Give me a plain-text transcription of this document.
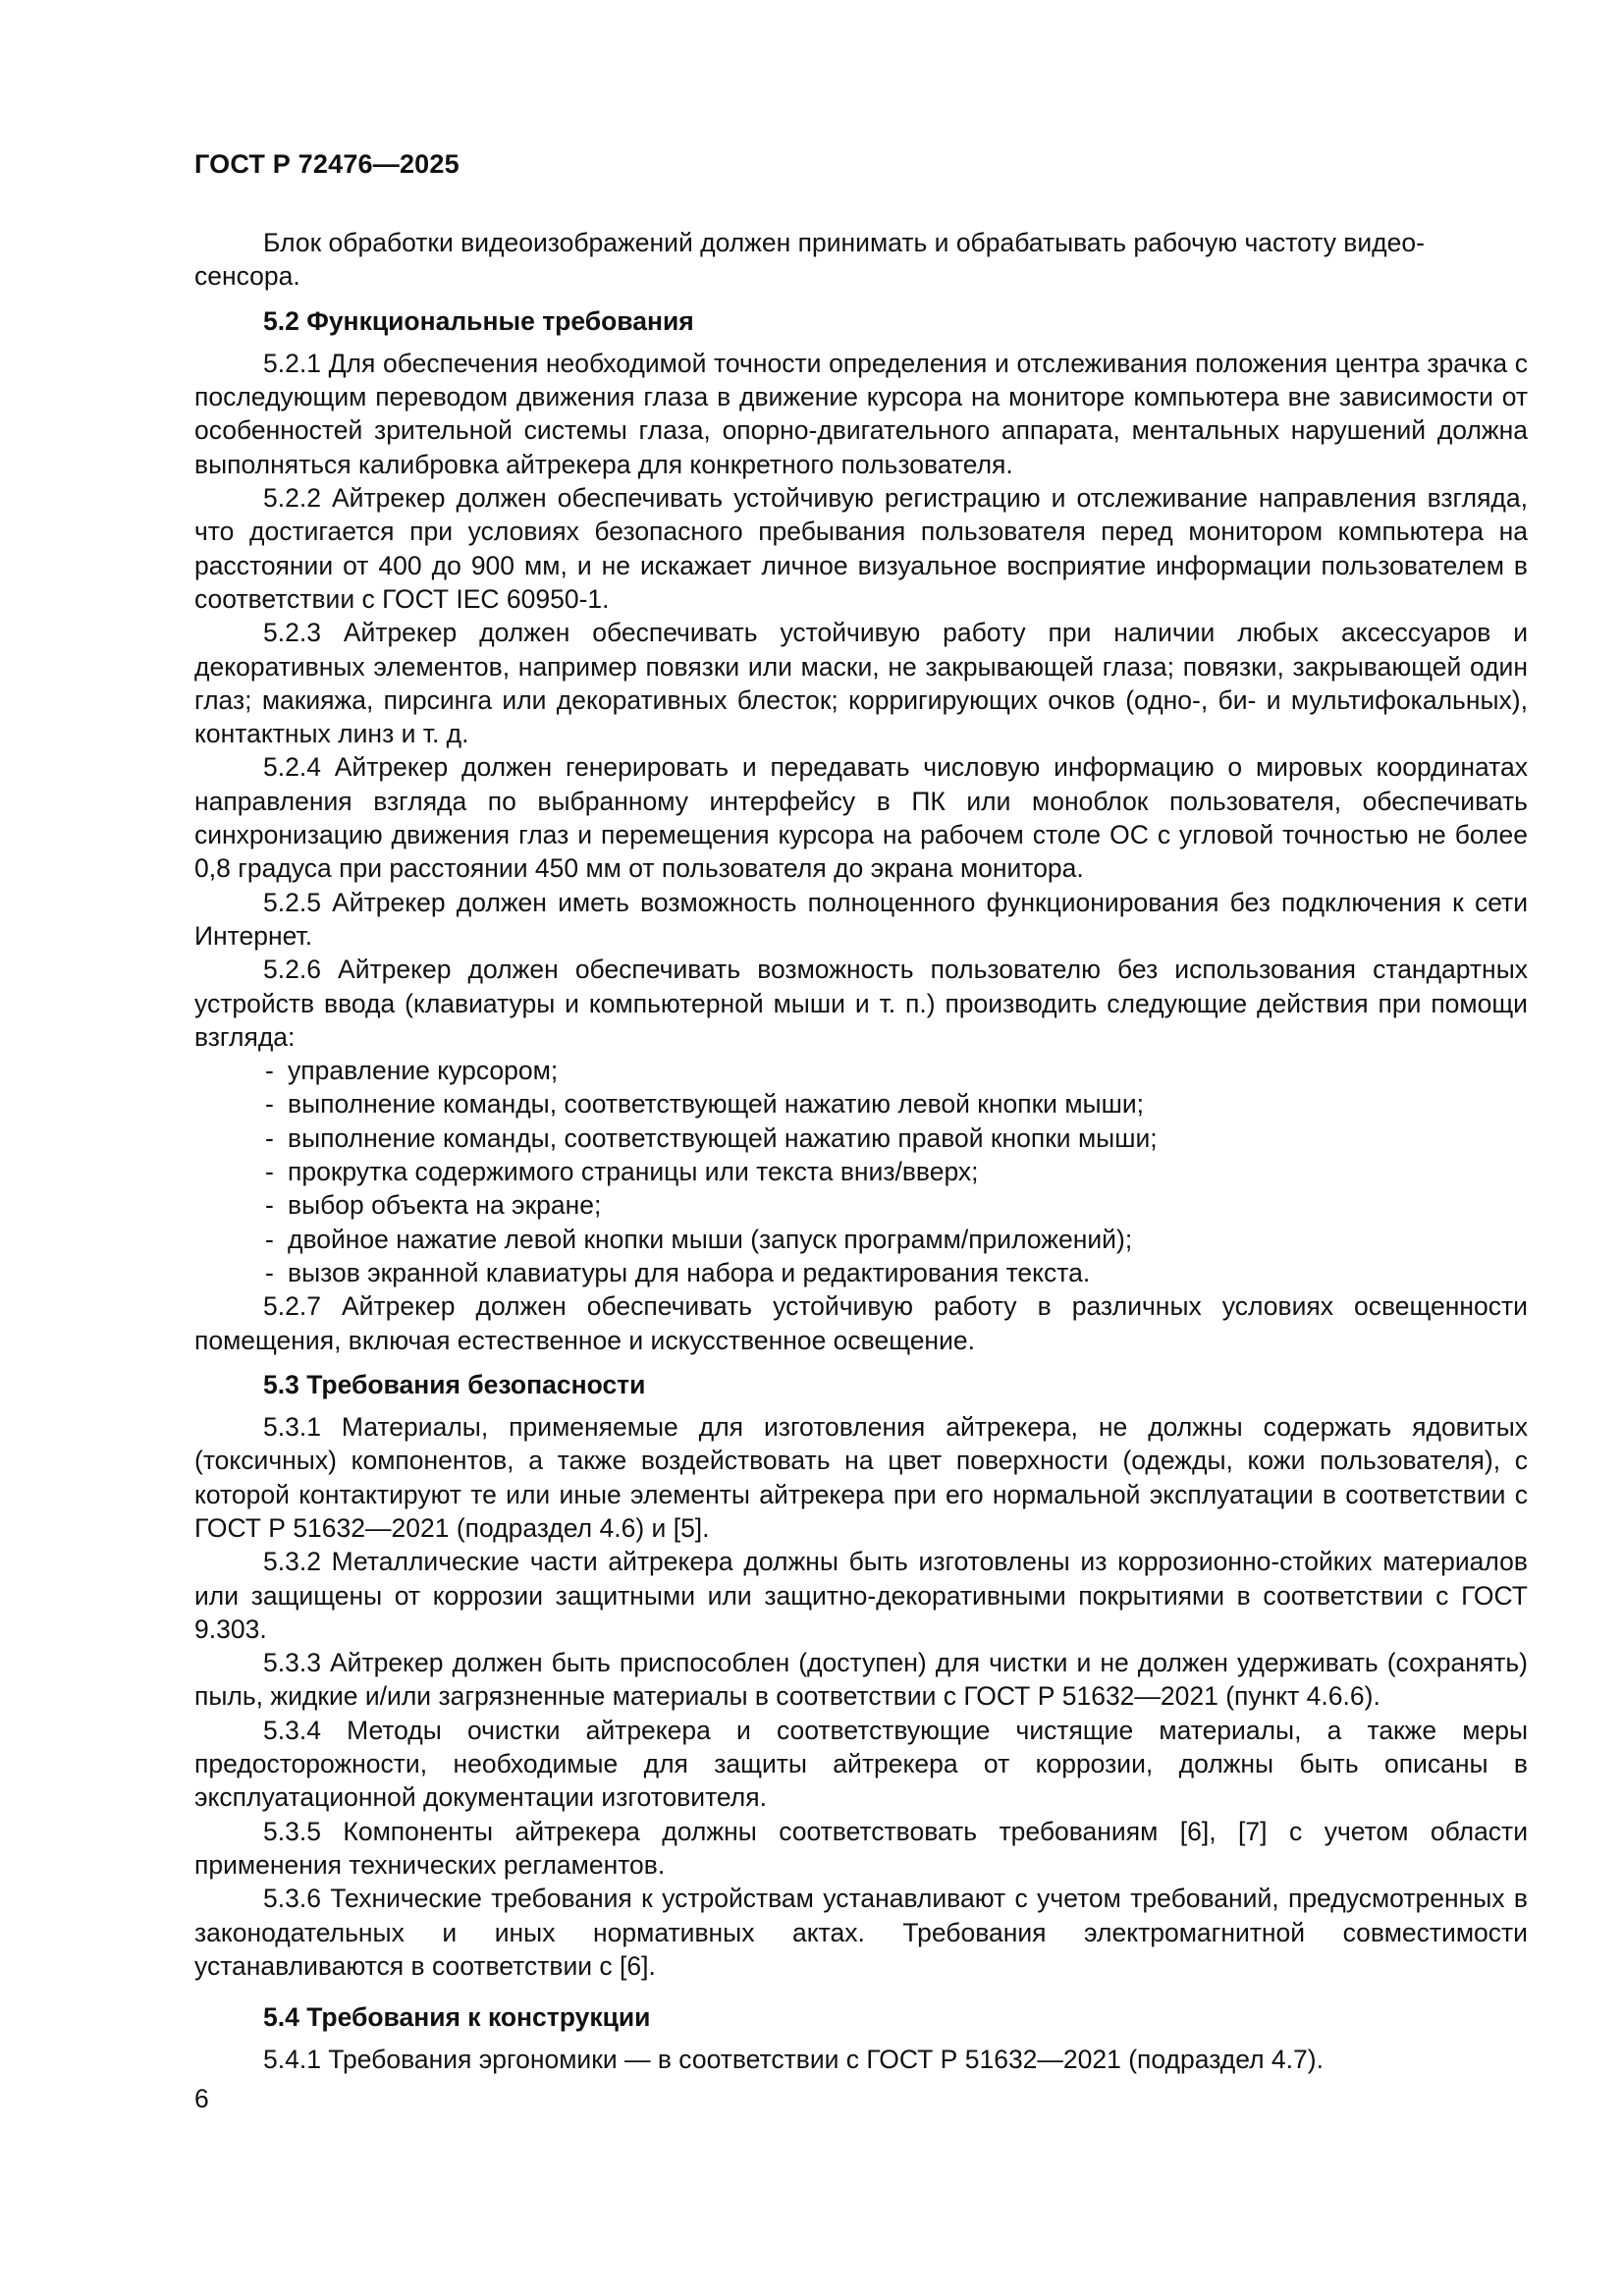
ГОСТ Р 72476—2025

Блок обработки видеоизображений должен принимать и обрабатывать рабочую частоту видео-
сенсора.

5.2 Функциональные требования

5.2.1 Для обеспечения необходимой точности определения и отслеживания положения центра зрачка с последующим переводом движения глаза в движение курсора на мониторе компьютера вне зависимости от особенностей зрительной системы глаза, опорно-двигательного аппарата, ментальных нарушений должна выполняться калибровка айтрекера для конкретного пользователя.

5.2.2 Айтрекер должен обеспечивать устойчивую регистрацию и отслеживание направления взгляда, что достигается при условиях безопасного пребывания пользователя перед монитором компьютера на расстоянии от 400 до 900 мм, и не искажает личное визуальное восприятие информации пользователем в соответствии с ГОСТ IEC 60950-1.

5.2.3 Айтрекер должен обеспечивать устойчивую работу при наличии любых аксессуаров и декоративных элементов, например повязки или маски, не закрывающей глаза; повязки, закрывающей один глаз; макияжа, пирсинга или декоративных блесток; корригирующих очков (одно-, би- и мультифокальных), контактных линз и т. д.

5.2.4 Айтрекер должен генерировать и передавать числовую информацию о мировых координатах направления взгляда по выбранному интерфейсу в ПК или моноблок пользователя, обеспечивать синхронизацию движения глаз и перемещения курсора на рабочем столе ОС с угловой точностью не более 0,8 градуса при расстоянии 450 мм от пользователя до экрана монитора.

5.2.5 Айтрекер должен иметь возможность полноценного функционирования без подключения к сети Интернет.

5.2.6 Айтрекер должен обеспечивать возможность пользователю без использования стандартных устройств ввода (клавиатуры и компьютерной мыши и т. п.) производить следующие действия при помощи взгляда:

- управление курсором;
- выполнение команды, соответствующей нажатию левой кнопки мыши;
- выполнение команды, соответствующей нажатию правой кнопки мыши;
- прокрутка содержимого страницы или текста вниз/вверх;
- выбор объекта на экране;
- двойное нажатие левой кнопки мыши (запуск программ/приложений);
- вызов экранной клавиатуры для набора и редактирования текста.

5.2.7 Айтрекер должен обеспечивать устойчивую работу в различных условиях освещенности помещения, включая естественное и искусственное освещение.

5.3 Требования безопасности

5.3.1 Материалы, применяемые для изготовления айтрекера, не должны содержать ядовитых (токсичных) компонентов, а также воздействовать на цвет поверхности (одежды, кожи пользователя), с которой контактируют те или иные элементы айтрекера при его нормальной эксплуатации в соответствии с ГОСТ Р 51632—2021 (подраздел 4.6) и [5].

5.3.2 Металлические части айтрекера должны быть изготовлены из коррозионно-стойких материалов или защищены от коррозии защитными или защитно-декоративными покрытиями в соответствии с ГОСТ 9.303.

5.3.3 Айтрекер должен быть приспособлен (доступен) для чистки и не должен удерживать (сохранять) пыль, жидкие и/или загрязненные материалы в соответствии с ГОСТ Р 51632—2021 (пункт 4.6.6).

5.3.4 Методы очистки айтрекера и соответствующие чистящие материалы, а также меры предосторожности, необходимые для защиты айтрекера от коррозии, должны быть описаны в эксплуатационной документации изготовителя.

5.3.5 Компоненты айтрекера должны соответствовать требованиям [6], [7] с учетом области применения технических регламентов.

5.3.6 Технические требования к устройствам устанавливают с учетом требований, предусмотренных в законодательных и иных нормативных актах. Требования электромагнитной совместимости устанавливаются в соответствии с [6].

5.4 Требования к конструкции

5.4.1 Требования эргономики — в соответствии с ГОСТ Р 51632—2021 (подраздел 4.7).

6
